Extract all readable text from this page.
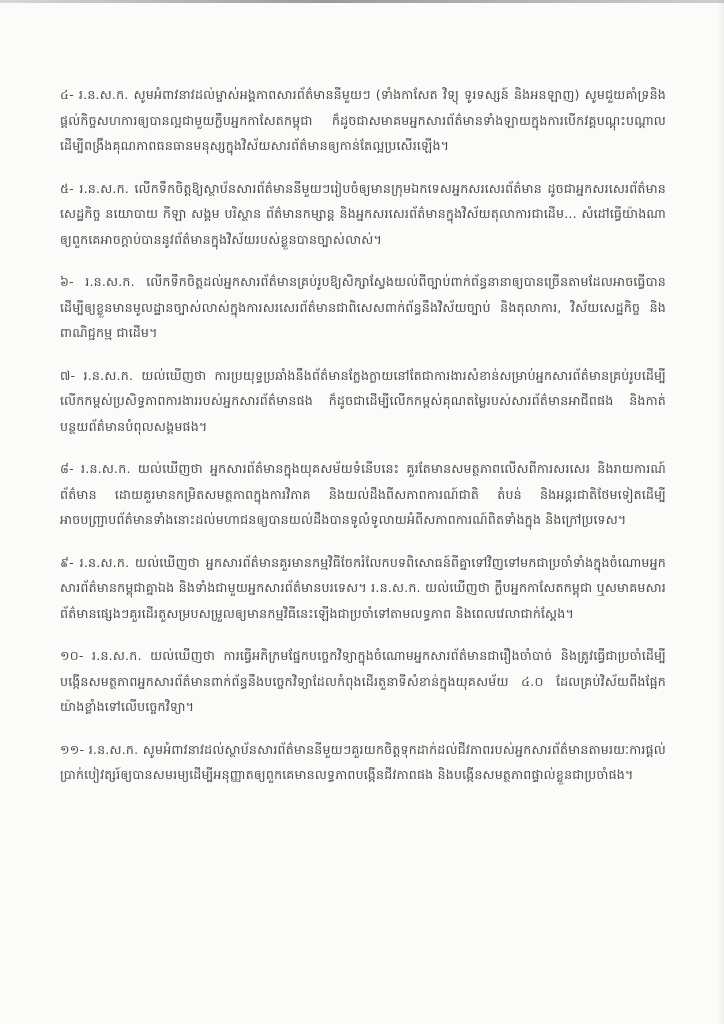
៤- រ.ន.ស.ក. សូមអំពាវនាវដល់ម្ចាស់អង្គភាពសារព័ត៌មាននីមួយៗ (ទាំងកាសែត វិទ្យុ ទូរទស្សន៍ និងអនឡាញ) សូមជួយគាំទ្រនិងផ្តល់កិច្ចសហការឲ្យបានល្អជាមួយក្លឹបអ្នកកាសែតកម្ពុជា ក៏ដូចជាសមាគមអ្នកសារព័ត៌មានទាំងឡាយក្នុងការបើកវគ្គបណ្តុះបណ្តាលដើម្បីពង្រឹងគុណភាពធនធានមនុស្សក្នុងវិស័យសារព័ត៌មានឲ្យកាន់តែល្អប្រសើរឡើង។

៥- រ.ន.ស.ក. លើកទឹកចិត្តឱ្យស្ថាប័នសារព័ត៌មាននីមួយៗរៀបចំឲ្យមានក្រុមឯកទេសអ្នកសរសេរព័ត៌មាន ដូចជាអ្នកសរសេរព័ត៌មានសេដ្ឋកិច្ច នយោបាយ កីឡា សង្គម បរិស្ថាន ព័ត៌មានកម្សាន្ត និងអ្នកសរសេរព័ត៌មានក្នុងវិស័យតុលាការជាដើម... សំដៅធ្វើយ៉ាងណាឲ្យពួកគេអាចក្តាប់បាននូវព័ត៌មានក្នុងវិស័យរបស់ខ្លួនបានច្បាស់លាស់។

៦- រ.ន.ស.ក. លើកទឹកចិត្តដល់អ្នកសារព័ត៌មានគ្រប់រូបឱ្យសិក្សាស្វែងយល់ពីច្បាប់ពាក់ព័ន្ធនានាឲ្យបានច្រើនតាមដែលអាចធ្វើបាន ដើម្បីឲ្យខ្លួនមានមូលដ្ឋានច្បាស់លាស់ក្នុងការសរសេរព័ត៌មានជាពិសេសពាក់ព័ន្ធនឹងវិស័យច្បាប់ និងតុលាការ, វិស័យសេដ្ឋកិច្ច និងពាណិជ្ជកម្ម ជាដើម។

៧- រ.ន.ស.ក. យល់ឃើញថា ការប្រយុទ្ធប្រឆាំងនឹងព័ត៌មានក្លែងក្លាយនៅតែជាការងារសំខាន់សម្រាប់អ្នកសារព័ត៌មានគ្រប់រូបដើម្បីលើកកម្ពស់ប្រសិទ្ធភាពការងាររបស់អ្នកសារព័ត៌មានផង ក៏ដូចជាដើម្បីលើកកម្ពស់គុណតម្លៃរបស់សារព័ត៌មានអាជីពផង និងកាត់បន្ថយព័ត៌មានបំពុលសង្គមផង។

៨- រ.ន.ស.ក. យល់ឃើញថា អ្នកសារព័ត៌មានក្នុងយុគសម័យទំនើបនេះ គួរតែមានសមត្ថភាពលើសពីការសរសេរ និងរាយការណ៍ព័ត៌មាន ដោយគួរមានកម្រិតសមត្ថភាពក្នុងការវិភាគ និងយល់ដឹងពីសភាពការណ៍ជាតិ តំបន់ និងអន្តរជាតិថែមទៀតដើម្បីអាចបញ្ជ្រាបព័ត៌មានទាំងនោះដល់មហាជនឲ្យបានយល់ដឹងបានទូលំទូលាយអំពីសភាពការណ៍ពិតទាំងក្នុង និងក្រៅប្រទេស។

៩- រ.ន.ស.ក. យល់ឃើញថា អ្នកសារព័ត៌មានគួរមានកម្មវិធីចែករំលែកបទពិសោធន៍ពីគ្នាទៅវិញទៅមកជាប្រចាំទាំងក្នុងចំណោមអ្នកសារព័ត៌មានកម្ពុជាគ្នាឯង និងទាំងជាមួយអ្នកសារព័ត៌មានបរទេស។ រ.ន.ស.ក. យល់ឃើញថា ក្លឹបអ្នកកាសែតកម្ពុជា ឬសមាគមសារព័ត៌មានផ្សេងៗគួរដើរតួសម្របសម្រួលឲ្យមានកម្មវិធីនេះឡើងជាប្រចាំទៅតាមលទ្ធភាព និងពេលវេលាជាក់ស្តែង។

១០- រ.ន.ស.ក. យល់ឃើញថា ការធ្វើអភិក្រមផ្នែកបច្ចេកវិទ្យាក្នុងចំណោមអ្នកសារព័ត៌មានជារឿងចាំបាច់ និងត្រូវធ្វើជាប្រចាំដើម្បីបង្កើនសមត្ថភាពអ្នកសារព័ត៌មានពាក់ព័ន្ធនឹងបច្ចេកវិទ្យាដែលកំពុងដើរតួនាទីសំខាន់ក្នុងយុគសម័យ ៤.០ ដែលគ្រប់វិស័យពឹងផ្អែកយ៉ាងខ្លាំងទៅលើបច្ចេកវិទ្យា។

១១- រ.ន.ស.ក. សូមអំពាវនាវដល់ស្ថាប័នសារព័ត៌មាននីមួយៗគួរយកចិត្តទុកដាក់ដល់ជីវភាពរបស់អ្នកសារព័ត៌មានតាមរយៈការផ្តល់ប្រាក់បៀវត្សរ៍ឲ្យបានសមរម្យដើម្បីអនុញ្ញាតឲ្យពួកគេមានលទ្ធភាពបង្កើនជីវភាពផង និងបង្កើនសមត្ថភាពផ្ទាល់ខ្លួនជាប្រចាំផង។
